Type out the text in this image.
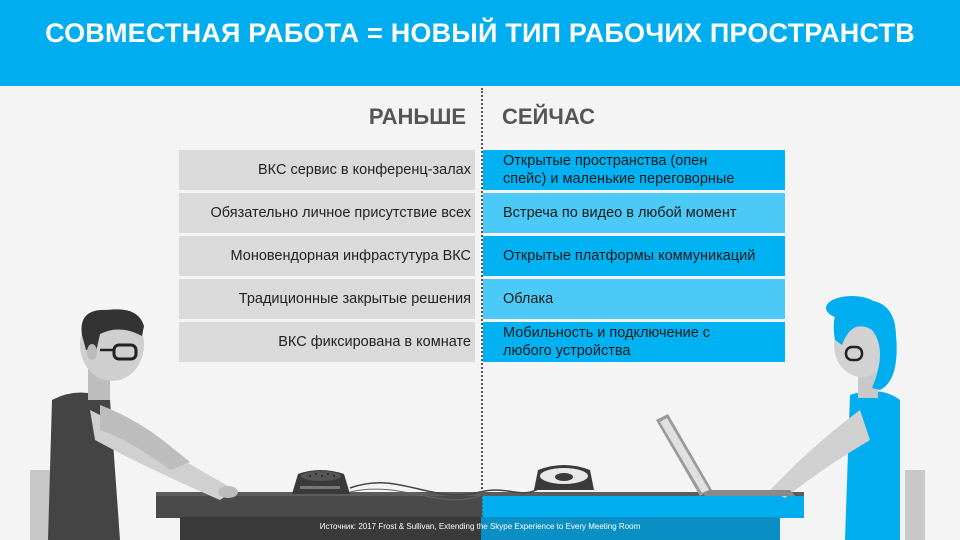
СОВМЕСТНАЯ РАБОТА = НОВЫЙ ТИП РАБОЧИХ ПРОСТРАНСТВ
РАНЬШЕ СЕЙЧАС
ВКС сервис в конференц-залах
Открытые пространства (опен
спейс) и маленькие переговорные
Обязательно личное присутствие всех Встреча по видео в любой момент
Моновендорная инфрастутура ВКС Открытые платформы коммуникаций
Традиционные закрытые решения Облака
ВКС фиксирована в комнате
Мобильность и подключение с
любого устройства
Источник: 2017 Frost & Sullivan, Extending the Skype Experience to Every Meeting Room
